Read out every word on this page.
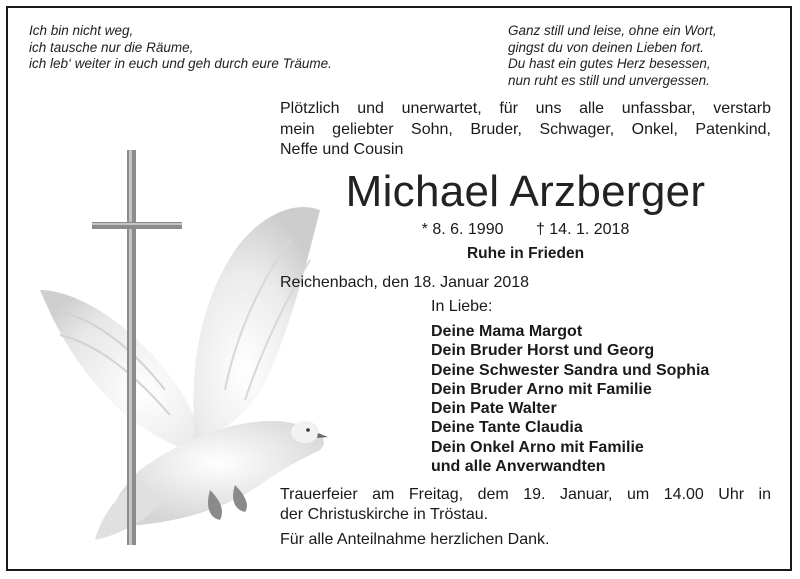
Ich bin nicht weg,
ich tausche nur die Räume,
ich leb‘ weiter in euch und geh durch eure Träume.
Ganz still und leise, ohne ein Wort,
gingst du von deinen Lieben fort.
Du hast ein gutes Herz besessen,
nun ruht es still und unvergessen.
Plötzlich und unerwartet, für uns alle unfassbar, verstarb
mein geliebter Sohn, Bruder, Schwager, Onkel, Patenkind,
Neffe und Cousin
Michael Arzberger
* 8. 6. 1990 † 14. 1. 2018
Ruhe in Frieden
Reichenbach, den 18. Januar 2018
In Liebe:
Deine Mama Margot
Dein Bruder Horst und Georg
Deine Schwester Sandra und Sophia
Dein Bruder Arno mit Familie
Dein Pate Walter
Deine Tante Claudia
Dein Onkel Arno mit Familie
und alle Anverwandten
Trauerfeier am Freitag, dem 19. Januar, um 14.00 Uhr in
der Christuskirche in Tröstau.
Für alle Anteilnahme herzlichen Dank.
